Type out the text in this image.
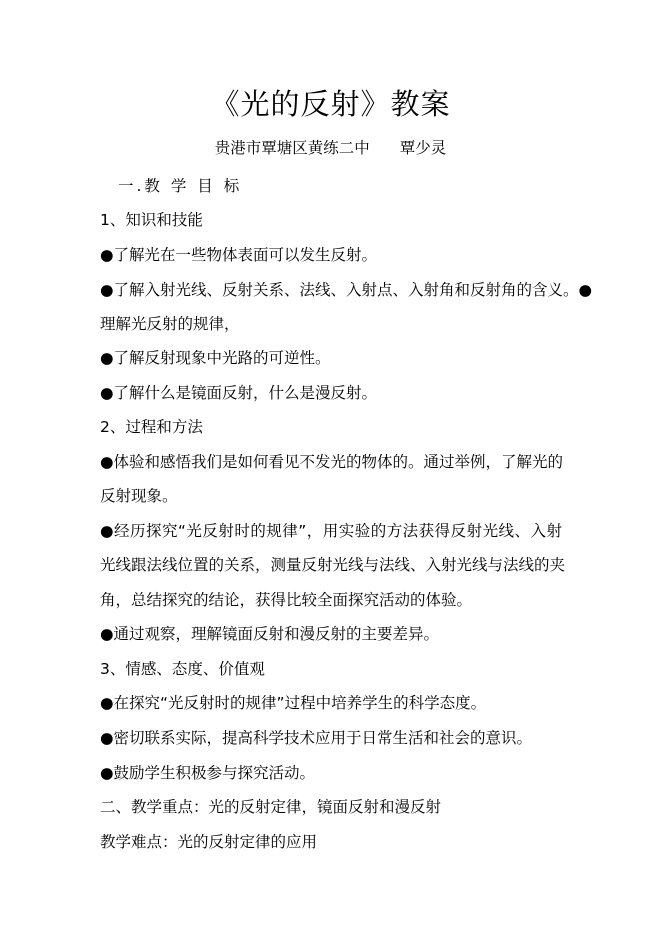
《光的反射》教案
贵港市覃塘区黄练二中 覃少灵
一.教 学 目 标
1、知识和技能
●了解光在一些物体表面可以发生反射。
●了解入射光线、反射关系、法线、入射点、入射角和反射角的含义。●
理解光反射的规律，
●了解反射现象中光路的可逆性。
●了解什么是镜面反射，什么是漫反射。
2、过程和方法
●体验和感悟我们是如何看见不发光的物体的。通过举例，了解光的
反射现象。
●经历探究“光反射时的规律”，用实验的方法获得反射光线、入射
光线跟法线位置的关系，测量反射光线与法线、入射光线与法线的夹
角，总结探究的结论，获得比较全面探究活动的体验。
●通过观察，理解镜面反射和漫反射的主要差异。
3、情感、态度、价值观
●在探究“光反射时的规律”过程中培养学生的科学态度。
●密切联系实际，提高科学技术应用于日常生活和社会的意识。
●鼓励学生积极参与探究活动。
二、教学重点：光的反射定律，镜面反射和漫反射
教学难点：光的反射定律的应用
